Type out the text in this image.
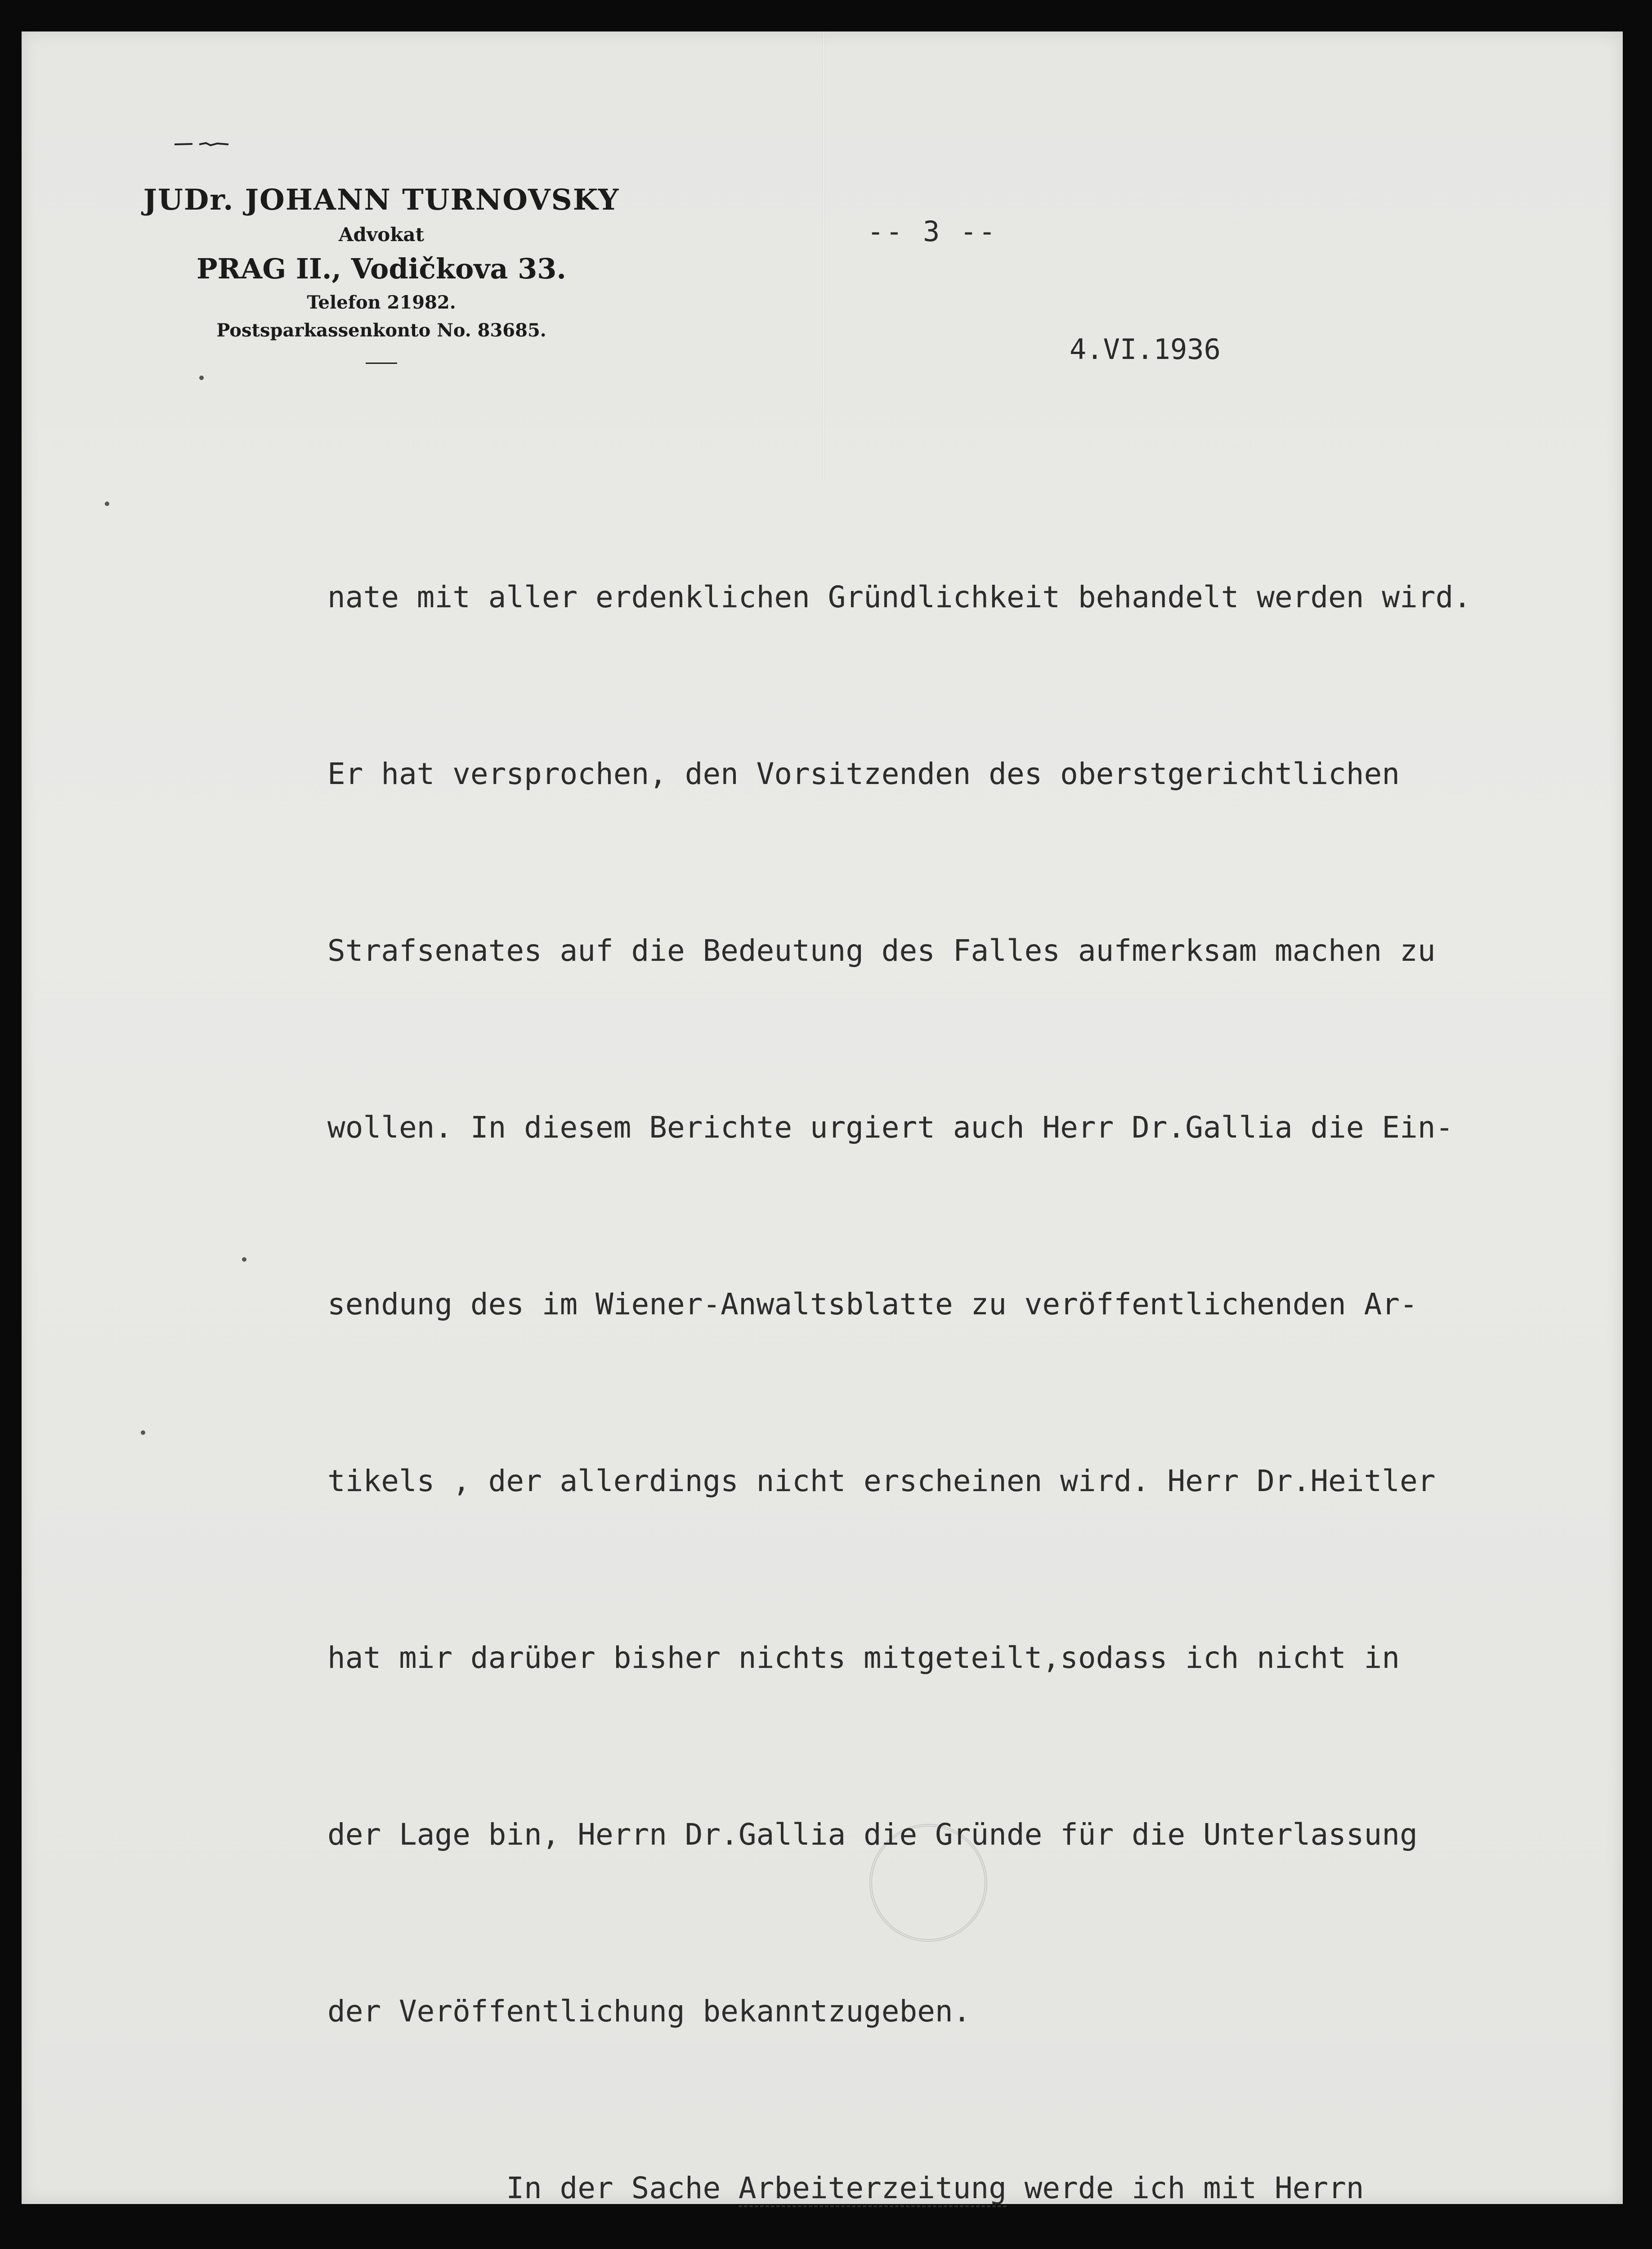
JUDr. JOHANN TURNOVSKY
Advokat
PRAG II., Vodičkova 33.
Telefon 21982.
Postsparkassenkonto No. 83685.
-- 3 --
4.VI.1936

nate mit aller erdenklichen Gründlichkeit behandelt werden wird.

Er hat versprochen, den Vorsitzenden des oberstgerichtlichen

Strafsenates auf die Bedeutung des Falles aufmerksam machen zu

wollen. In diesem Berichte urgiert auch Herr Dr.Gallia die Ein-

sendung des im Wiener-Anwaltsblatte zu veröffentlichenden Ar-

tikels , der allerdings nicht erscheinen wird. Herr Dr.Heitler

hat mir darüber bisher nichts mitgeteilt,sodass ich nicht in

der Lage bin, Herrn Dr.Gallia die Gründe für die Unterlassung

der Veröffentlichung bekanntzugeben.

In der Sache Arbeiterzeitung werde ich mit Herrn
